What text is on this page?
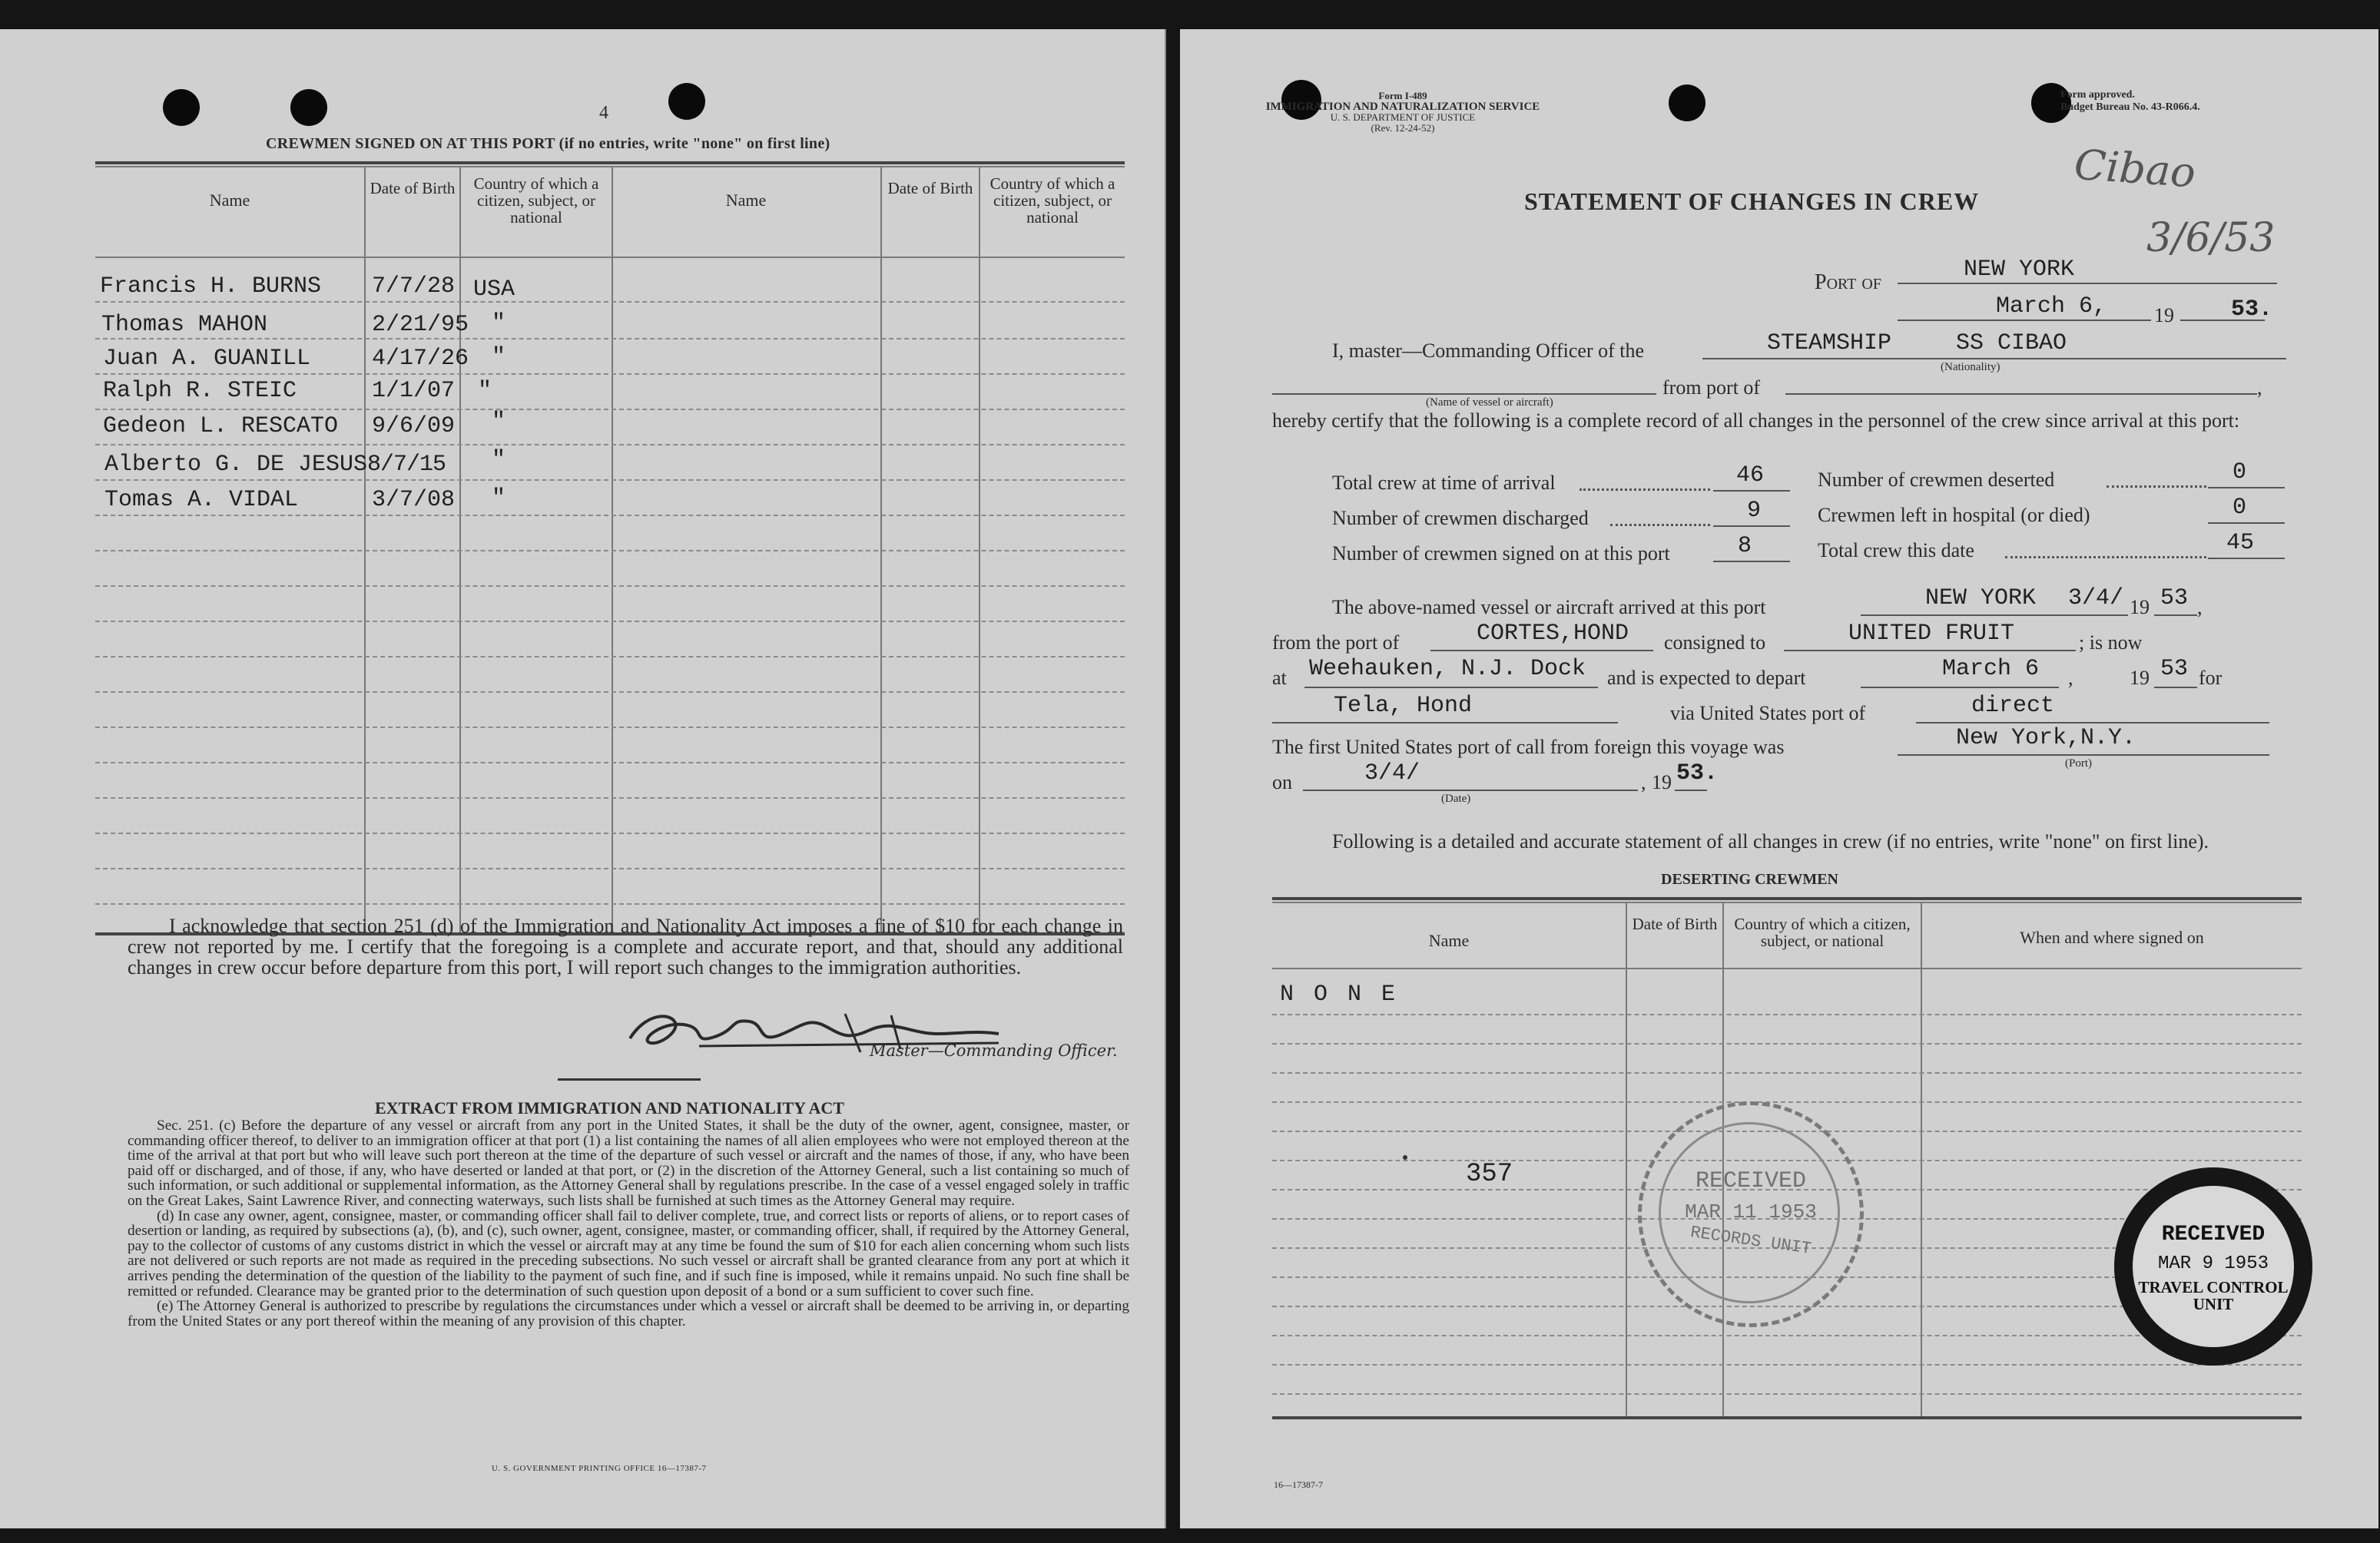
4
CREWMEN SIGNED ON AT THIS PORT (if no entries, write "none" on first line)
Name
Date of Birth	Country of which a citizen, subject, or national
Name
Date of Birth	Country of which a citizen, subject, or national
Francis H. BURNS 7/7/28 USA
Thomas MAHON	2/21/95 "
Juan A. GUANILL	4/17/26 "
Ralph R. STEIC	1/1/07 "
Gedeon L. RESCATO 9/6/09 "
Alberto G. DE JESUS 8/7/15 "
Tomas A. VIDAL	3/7/08 "
I acknowledge that section 251 (d) of the Immigration and Nationality Act imposes a fine of $10 for each change in crew not reported by me. I certify that the foregoing is a complete and accurate report, and that, should any additional changes in crew occur before departure from this port, I will report such changes to the immigration authorities.
Master—Commanding Officer.
EXTRACT FROM IMMIGRATION AND NATIONALITY ACT

Sec. 251. (c) Before the departure of any vessel or aircraft from any port in the United States, it shall be the duty of the owner, agent, consignee, master, or commanding officer thereof, to deliver to an immigration officer at that port (1) a list containing the names of all alien employees who were not employed thereon at the time of the arrival at that port but who will leave such port thereon at the time of the departure of such vessel or aircraft and the names of those, if any, who have been paid off or discharged, and of those, if any, who have deserted or landed at that port, or (2) in the discretion of the Attorney General, such a list containing so much of such information, or such additional or supplemental information, as the Attorney General shall by regulations prescribe. In the case of a vessel engaged solely in traffic on the Great Lakes, Saint Lawrence River, and connecting waterways, such lists shall be furnished at such times as the Attorney General may require.

(d) In case any owner, agent, consignee, master, or commanding officer shall fail to deliver complete, true, and correct lists or reports of aliens, or to report cases of desertion or landing, as required by subsections (a), (b), and (c), such owner, agent, consignee, master, or commanding officer, shall, if required by the Attorney General, pay to the collector of customs of any customs district in which the vessel or aircraft may at any time be found the sum of $10 for each alien concerning whom such lists are not delivered or such reports are not made as required in the preceding subsections. No such vessel or aircraft shall be granted clearance from any port at which it arrives pending the determination of the question of the liability to the payment of such fine, and if such fine is imposed, while it remains unpaid. No such fine shall be remitted or refunded. Clearance may be granted prior to the determination of such question upon deposit of a bond or a sum sufficient to cover such fine.

(e) The Attorney General is authorized to prescribe by regulations the circumstances under which a vessel or aircraft shall be deemed to be arriving in, or departing from the United States or any port thereof within the meaning of any provision of this chapter.

U. S. GOVERNMENT PRINTING OFFICE 16—17387-7
Form I-489
IMMIGRATION AND NATURALIZATION SERVICE
U. S. DEPARTMENT OF JUSTICE
(Rev. 12-24-52)
Form approved.
Budget Bureau No. 43-R066.4.
Cibao
3/6/53
STATEMENT OF CHANGES IN CREW
Port of	NEW YORK
March 6, 19 53.
I, master—Commanding Officer of the	STEAMSHIP	SS CIBAO
(Nationality)
from port of	,
(Name of vessel or aircraft)
hereby certify that the following is a complete record of all changes in the personnel of the crew since arrival at this port:
Total crew at time of arrival	46
Number of crewmen discharged	9
Number of crewmen signed on at this port	8
Number of crewmen deserted	0
Crewmen left in hospital (or died)	0
Total crew this date	45
The above-named vessel or aircraft arrived at this port	NEW YORK 3/4/ 19 53 ,
from the port of	CORTES,HOND consigned to	UNITED FRUIT	; is now
at Weehauken, N.J. Dock and is expected to depart	March 6 ,	19 53 for
Tela, Hond	via United States port of	direct
The first United States port of call from foreign this voyage was	New York,N.Y.
(Port)
on	3/4/	, 19 53.
(Date)
Following is a detailed and accurate statement of all changes in crew (if no entries, write "none" on first line).
DESERTING CREWMEN
Name
Date of Birth	Country of which a citizen, subject, or national	When and where signed on
N O N E
357	RECEIVED
MAR 11 1953
RECORDS UNIT	RECEIVED
MAR 9 1953
TRAVEL CONTROL
UNIT
16—17387-7
